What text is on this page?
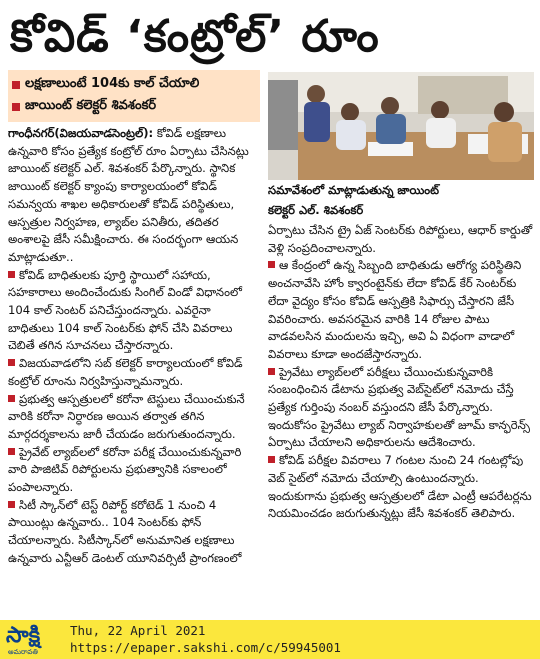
కోవిడ్ ‘కంట్రోల్’ రూం
లక్షణాలుంటే 104కు కాల్ చేయాలి
జాయింట్ కలెక్టర్ శివశంకర్
సమావేశంలో మాట్లాడుతున్న జాయింట్
కలెక్టర్ ఎల్. శివశంకర్

గాంధీనగర్(విజయవాడసెంట్రల్): కోవిడ్ లక్షణాలు ఉన్నవారి కోసం ప్రత్యేక కంట్రోల్ రూం ఏర్పాటు చేసినట్లు జాయింట్ కలెక్టర్ ఎల్. శివశంకర్ పేర్కొన్నారు. స్థానిక జాయింట్ కలెక్టర్ క్యాంపు కార్యాలయంలో కోవిడ్ సమన్వయ శాఖల అధికారులతో కోవిడ్ పరిస్థితులు, ఆస్పత్రుల నిర్వహణ, ల్యాబ్‌ల పనితీరు, తదితర అంశాలపై జేసీ సమీక్షించారు. ఈ సందర్భంగా ఆయన మాట్లాడుతూ..

కోవిడ్ బాధితులకు పూర్తి స్థాయిలో సహాయ, సహకారాలు అందించేందుకు సింగిల్ విండో విధానంలో 104 కాల్ సెంటర్ పనిచేస్తుందన్నారు. ఎవరైనా బాధితులు 104 కాల్ సెంటర్‌కు ఫోన్ చేసి వివరాలు చెబితే తగిన సూచనలు చేస్తారన్నారు.

విజయవాడలోని సబ్ కలెక్టర్ కార్యాలయంలో కోవిడ్ కంట్రోల్ రూంను నిర్వహిస్తున్నామన్నారు.

ప్రభుత్వ ఆస్పత్రులలో కరోనా టెస్టులు చేయించుకునే వారికి కరోనా నిర్ధారణ అయిన తర్వాత తగిన మార్గదర్శకాలను జారీ చేయడం జరుగుతుందన్నారు.

ప్రైవేట్ ల్యాబ్‌లలో కరోనా పరీక్ష చేయించుకున్నవారి వారి పాజిటివ్ రిపోర్టులను ప్రభుత్వానికి సకాలంలో పంపాలన్నారు.

సిటీ స్కాన్‌లో టెస్ట్ రిపోర్ట్ కరోటెడ్ 1 నుంచి 4 పాయింట్లు ఉన్నవారు.. 104 సెంటర్‌కు ఫోన్ చేయాలన్నారు. సిటీస్కాన్‌లో అనుమానిత లక్షణాలు ఉన్నవారు ఎన్టీఆర్ డెంటల్ యూనివర్సిటీ ప్రాంగణంలో

ఏర్పాటు చేసిన ట్రై ఏజ్ సెంటర్‌కు రిపోర్టులు, ఆధార్ కార్డుతో వెళ్లి సంప్రదించాలన్నారు.

ఆ కేంద్రంలో ఉన్న సిబ్బంది బాధితుడు ఆరోగ్య పరిస్థితిని అంచనావేసి హోం క్వారంటైన్‌కు లేదా కోవిడ్ కేర్ సెంటర్‌కు లేదా వైద్యం కోసం కోవిడ్ ఆస్పత్రికి సిఫార్సు చేస్తారని జేసీ వివరించారు. అవసరమైన వారికి 14 రోజుల పాటు వాడవలసిన మందులను ఇచ్చి, అవి ఏ విధంగా వాడాలో వివరాలు కూడా అందజేస్తారన్నారు.

ప్రైవేటు ల్యాబ్‌లలో పరీక్షలు చేయించుకున్నవారికి సంబంధించిన డేటాను ప్రభుత్వ వెబ్‌సైట్‌లో నమోదు చేస్తే ప్రత్యేక గుర్తింపు నంబర్ వస్తుందని జేసీ పేర్కొన్నారు. ఇందుకోసం ప్రైవేటు ల్యాబ్ నిర్వాహకులతో జూమ్ కాన్ఫరెన్స్ ఏర్పాటు చేయాలని అధికారులను ఆదేశించారు.

కోవిడ్ పరీక్షల వివరాలు 7 గంటల నుంచి 24 గంటల్లోపు వెబ్ సైట్‌లో నమోదు చేయాల్సి ఉంటుందన్నారు. ఇందుకుగాను ప్రభుత్వ ఆస్పత్రులలో డేటా ఎంట్రీ ఆపరేటర్లను నియమించడం జరుగుతున్నట్లు జేసీ శివశంకర్ తెలిపారు.

సాక్షి
అమరావతి
Thu, 22 April 2021
https://epaper.sakshi.com/c/59945001
